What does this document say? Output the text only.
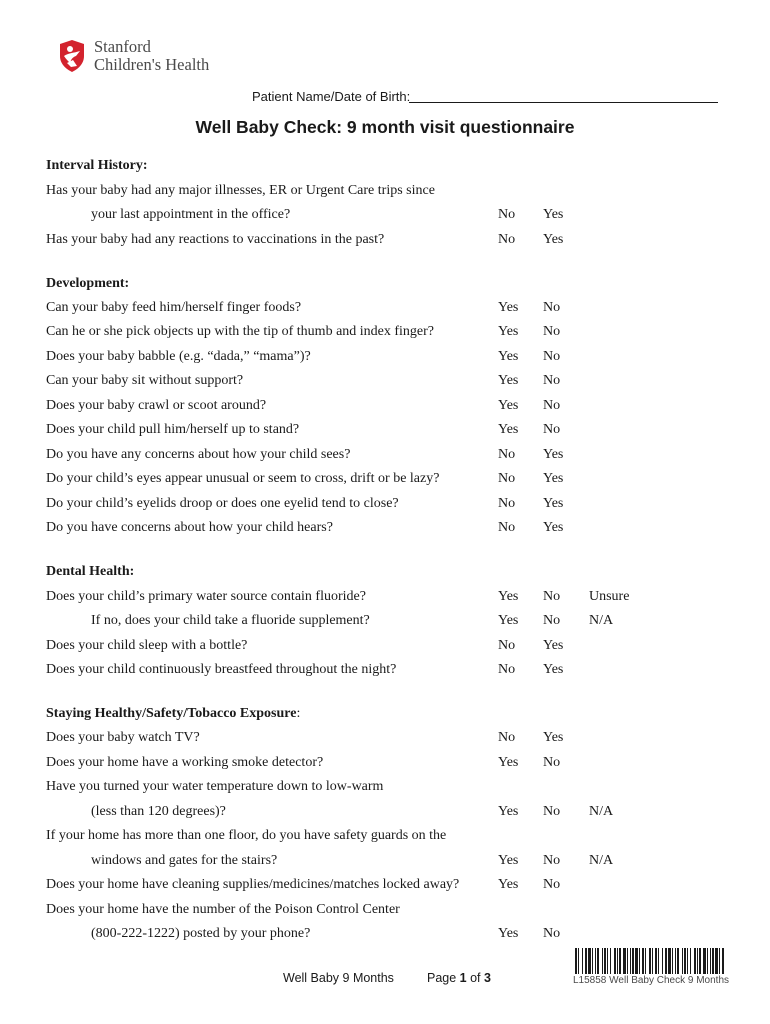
Stanford
Children's Health
Patient Name/Date of Birth:
Well Baby Check: 9 month visit questionnaire
Interval History:
Has your baby had any major illnesses, ER or Urgent Care trips since
your last appointment in the office?	No Yes
Has your baby had any reactions to vaccinations in the past?	No Yes
Development:
Can your baby feed him/herself finger foods?	Yes No
Can he or she pick objects up with the tip of thumb and index finger?	Yes No
Does your baby babble (e.g. “dada,” “mama”)?	Yes No
Can your baby sit without support?	Yes No
Does your baby crawl or scoot around?	Yes No
Does your child pull him/herself up to stand?	Yes No
Do you have any concerns about how your child sees?	No Yes
Do your child’s eyes appear unusual or seem to cross, drift or be lazy?	No Yes
Do your child’s eyelids droop or does one eyelid tend to close?	No Yes
Do you have concerns about how your child hears?	No Yes
Dental Health:
Does your child’s primary water source contain fluoride?	Yes No Unsure
If no, does your child take a fluoride supplement?	Yes No N/A
Does your child sleep with a bottle?	No Yes
Does your child continuously breastfeed throughout the night?	No Yes
Staying Healthy/Safety/Tobacco Exposure:
Does your baby watch TV?	No Yes
Does your home have a working smoke detector?	Yes No
Have you turned your water temperature down to low-warm
(less than 120 degrees)?	Yes No N/A
If your home has more than one floor, do you have safety guards on the
windows and gates for the stairs?	Yes No N/A
Does your home have cleaning supplies/medicines/matches locked away?	Yes No
Does your home have the number of the Poison Control Center
(800-222-1222) posted by your phone?	Yes No
Well Baby 9 Months	Page 1 of 3	L15858 Well Baby Check 9 Months
